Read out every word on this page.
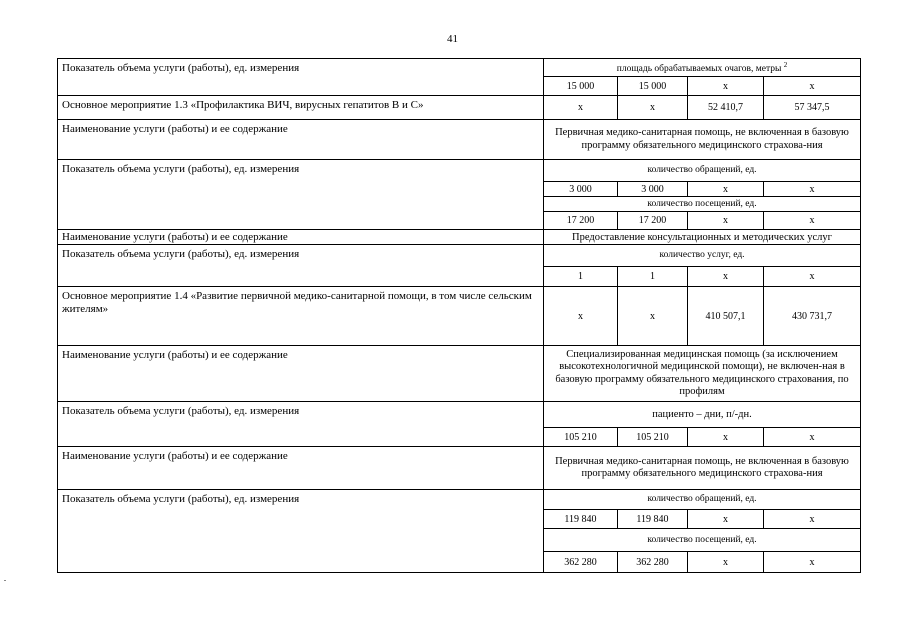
41
Показатель объема услуги (работы), ед. измерения	площадь обрабатываемых очагов, метры $^2$
	15 000	15 000	х	х
Основное мероприятие 1.3 «Профилактика ВИЧ, вирусных гепатитов В и С»	х	х	52 410,7	57 347,5
Наименование услуги (работы) и ее содержание	Первичная медико-санитарная помощь, не включенная в базовую программу обязательного медицинского страхова-ния			
Показатель объема услуги (работы), ед. измерения	количество обращений, ед.			
	3 000	3 000	х	х
	количество посещений, ед.			
	17 200	17 200	х	х
Наименование услуги (работы) и ее содержание	Предоставление консультационных и методических услуг			
Показатель объема услуги (работы), ед. измерения	количество услуг, ед.			
	1	1	х	х
Основное мероприятие 1.4 «Развитие первичной медико-санитарной помощи, в том числе сельским жителям»	х	х	410 507,1	430 731,7
Наименование услуги (работы) и ее содержание	Специализированная медицинская помощь (за исключением высокотехнологичной медицинской помощи), не включен-ная в базовую программу обязательного медицинского страхования, по профилям			
Показатель объема услуги (работы), ед. измерения	пациенто – дни, п/-дн.			
	105 210	105 210	х	х
Наименование услуги (работы) и ее содержание	Первичная медико-санитарная помощь, не включенная в базовую программу обязательного медицинского страхова-ния			
Показатель объема услуги (работы), ед. измерения	количество обращений, ед.			
	119 840	119 840	х	х
	количество посещений, ед.			
	362 280	362 280	х	х
